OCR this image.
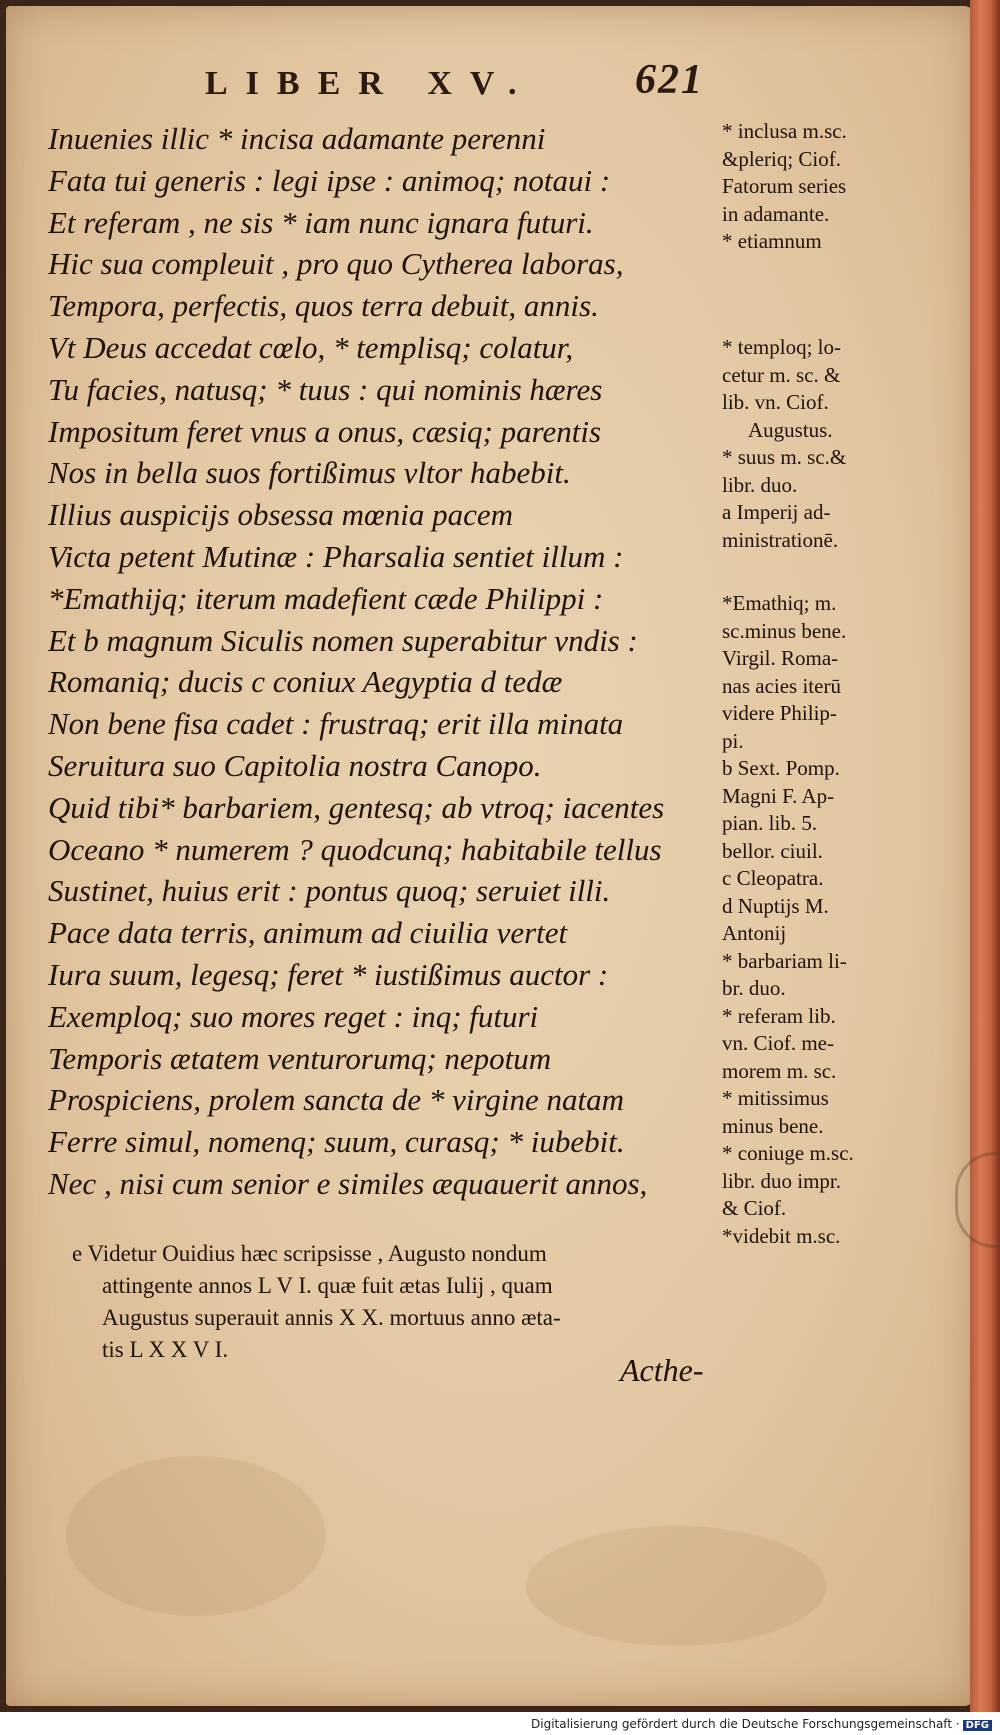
LIBER XV.	621
Inuenies illic * incisa adamante perenni
Fata tui generis : legi ipse : animoq; notaui :
Et referam , ne sis * iam nunc ignara futuri.
Hic sua compleuit , pro quo Cytherea laboras,
Tempora, perfectis, quos terra debuit, annis.
Vt Deus accedat cœlo, * templisq; colatur,
Tu facies, natusq; * tuus : qui nominis hæres
Impositum feret vnus a onus, cæsiq; parentis
Nos in bella suos fortißimus vltor habebit.
Illius auspicijs obsessa mœnia pacem
Victa petent Mutinæ : Pharsalia sentiet illum :
*Emathijq; iterum madefient cæde Philippi :
Et b magnum Siculis nomen superabitur vndis :
Romaniq; ducis c coniux Aegyptia d tedæ
Non bene fisa cadet : frustraq; erit illa minata
Seruitura suo Capitolia nostra Canopo.
Quid tibi* barbariem, gentesq; ab vtroq; iacentes
Oceano * numerem ? quodcunq; habitabile tellus
Sustinet, huius erit : pontus quoq; seruiet illi.
Pace data terris, animum ad ciuilia vertet
Iura suum, legesq; feret * iustißimus auctor :
Exemploq; suo mores reget : inq; futuri
Temporis ætatem venturorumq; nepotum
Prospiciens, prolem sancta de * virgine natam
Ferre simul, nomenq; suum, curasq; * iubebit.
Nec , nisi cum senior e similes æquauerit annos,
* inclusa m.sc.
&pleriq; Ciof.
Fatorum series
in adamante.
* etiamnum
* temploq; lo-
cetur m. sc. &
lib. vn. Ciof.
Augustus.
* suus m. sc.&
libr. duo.
a Imperij ad-
ministrationē.
*Emathiq; m.
sc.minus bene.
Virgil. Roma-
nas acies iterū
videre Philip-
pi.
b Sext. Pomp.
Magni F. Ap-
pian. lib. 5.
bellor. ciuil.
c Cleopatra.
d Nuptijs M.
Antonij
* barbariam li-
br. duo.
* referam lib.
vn. Ciof. me-
morem m. sc.
* mitissimus
minus bene.
* coniuge m.sc.
libr. duo impr.
& Ciof.
*videbit m.sc.
e Videtur Ouidius hæc scripsisse , Augusto nondum
attingente annos L V I. quæ fuit ætas Iulij , quam
Augustus superauit annis X X. mortuus anno æta-
tis L X X V I.
Acthe-
Digitalisierung gefördert durch die Deutsche Forschungsgemeinschaft · DFG
